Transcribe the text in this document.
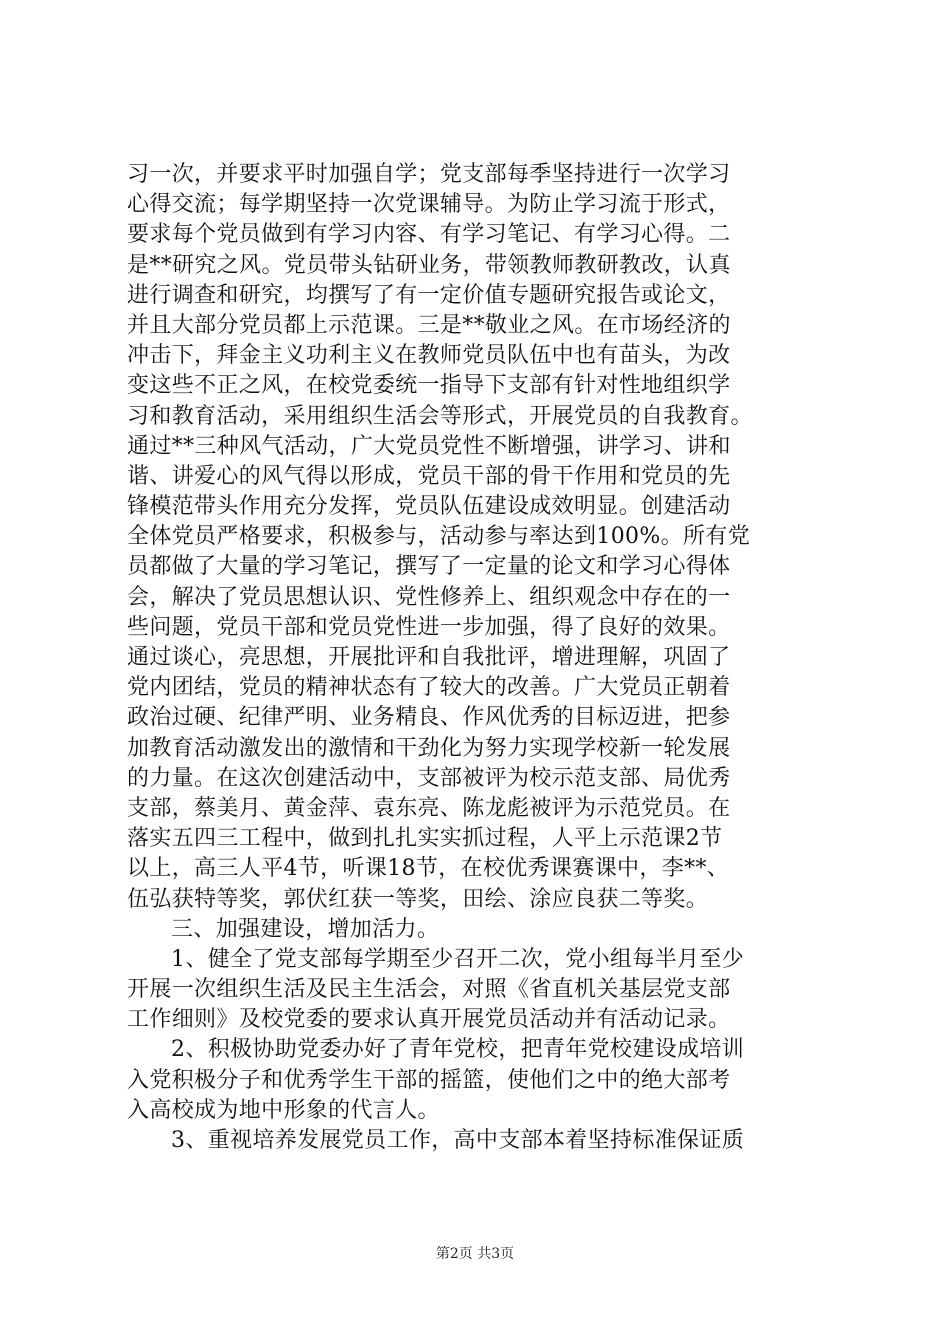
习一次，并要求平时加强自学；党支部每季坚持进行一次学习
心得交流；每学期坚持一次党课辅导。为防止学习流于形式，
要求每个党员做到有学习内容、有学习笔记、有学习心得。二
是**研究之风。党员带头钻研业务，带领教师教研教改，认真
进行调查和研究，均撰写了有一定价值专题研究报告或论文，
并且大部分党员都上示范课。三是**敬业之风。在市场经济的
冲击下，拜金主义功利主义在教师党员队伍中也有苗头，为改
变这些不正之风，在校党委统一指导下支部有针对性地组织学
习和教育活动，采用组织生活会等形式，开展党员的自我教育。
通过**三种风气活动，广大党员党性不断增强，讲学习、讲和
谐、讲爱心的风气得以形成，党员干部的骨干作用和党员的先
锋模范带头作用充分发挥，党员队伍建设成效明显。创建活动
全体党员严格要求，积极参与，活动参与率达到100%。所有党
员都做了大量的学习笔记，撰写了一定量的论文和学习心得体
会，解决了党员思想认识、党性修养上、组织观念中存在的一
些问题，党员干部和党员党性进一步加强，得了良好的效果。
通过谈心，亮思想，开展批评和自我批评，增进理解，巩固了
党内团结，党员的精神状态有了较大的改善。广大党员正朝着
政治过硬、纪律严明、业务精良、作风优秀的目标迈进，把参
加教育活动激发出的激情和干劲化为努力实现学校新一轮发展
的力量。在这次创建活动中，支部被评为校示范支部、局优秀
支部，蔡美月、黄金萍、袁东亮、陈龙彪被评为示范党员。在
落实五四三工程中，做到扎扎实实抓过程，人平上示范课2节
以上，高三人平4节，听课18节，在校优秀课赛课中，李**、
伍弘获特等奖，郭伏红获一等奖，田绘、涂应良获二等奖。
三、加强建设，增加活力。
1、健全了党支部每学期至少召开二次，党小组每半月至少
开展一次组织生活及民主生活会，对照《省直机关基层党支部
工作细则》及校党委的要求认真开展党员活动并有活动记录。
2、积极协助党委办好了青年党校，把青年党校建设成培训
入党积极分子和优秀学生干部的摇篮，使他们之中的绝大部考
入高校成为地中形象的代言人。
3、重视培养发展党员工作，高中支部本着坚持标准保证质
第2页 共3页
